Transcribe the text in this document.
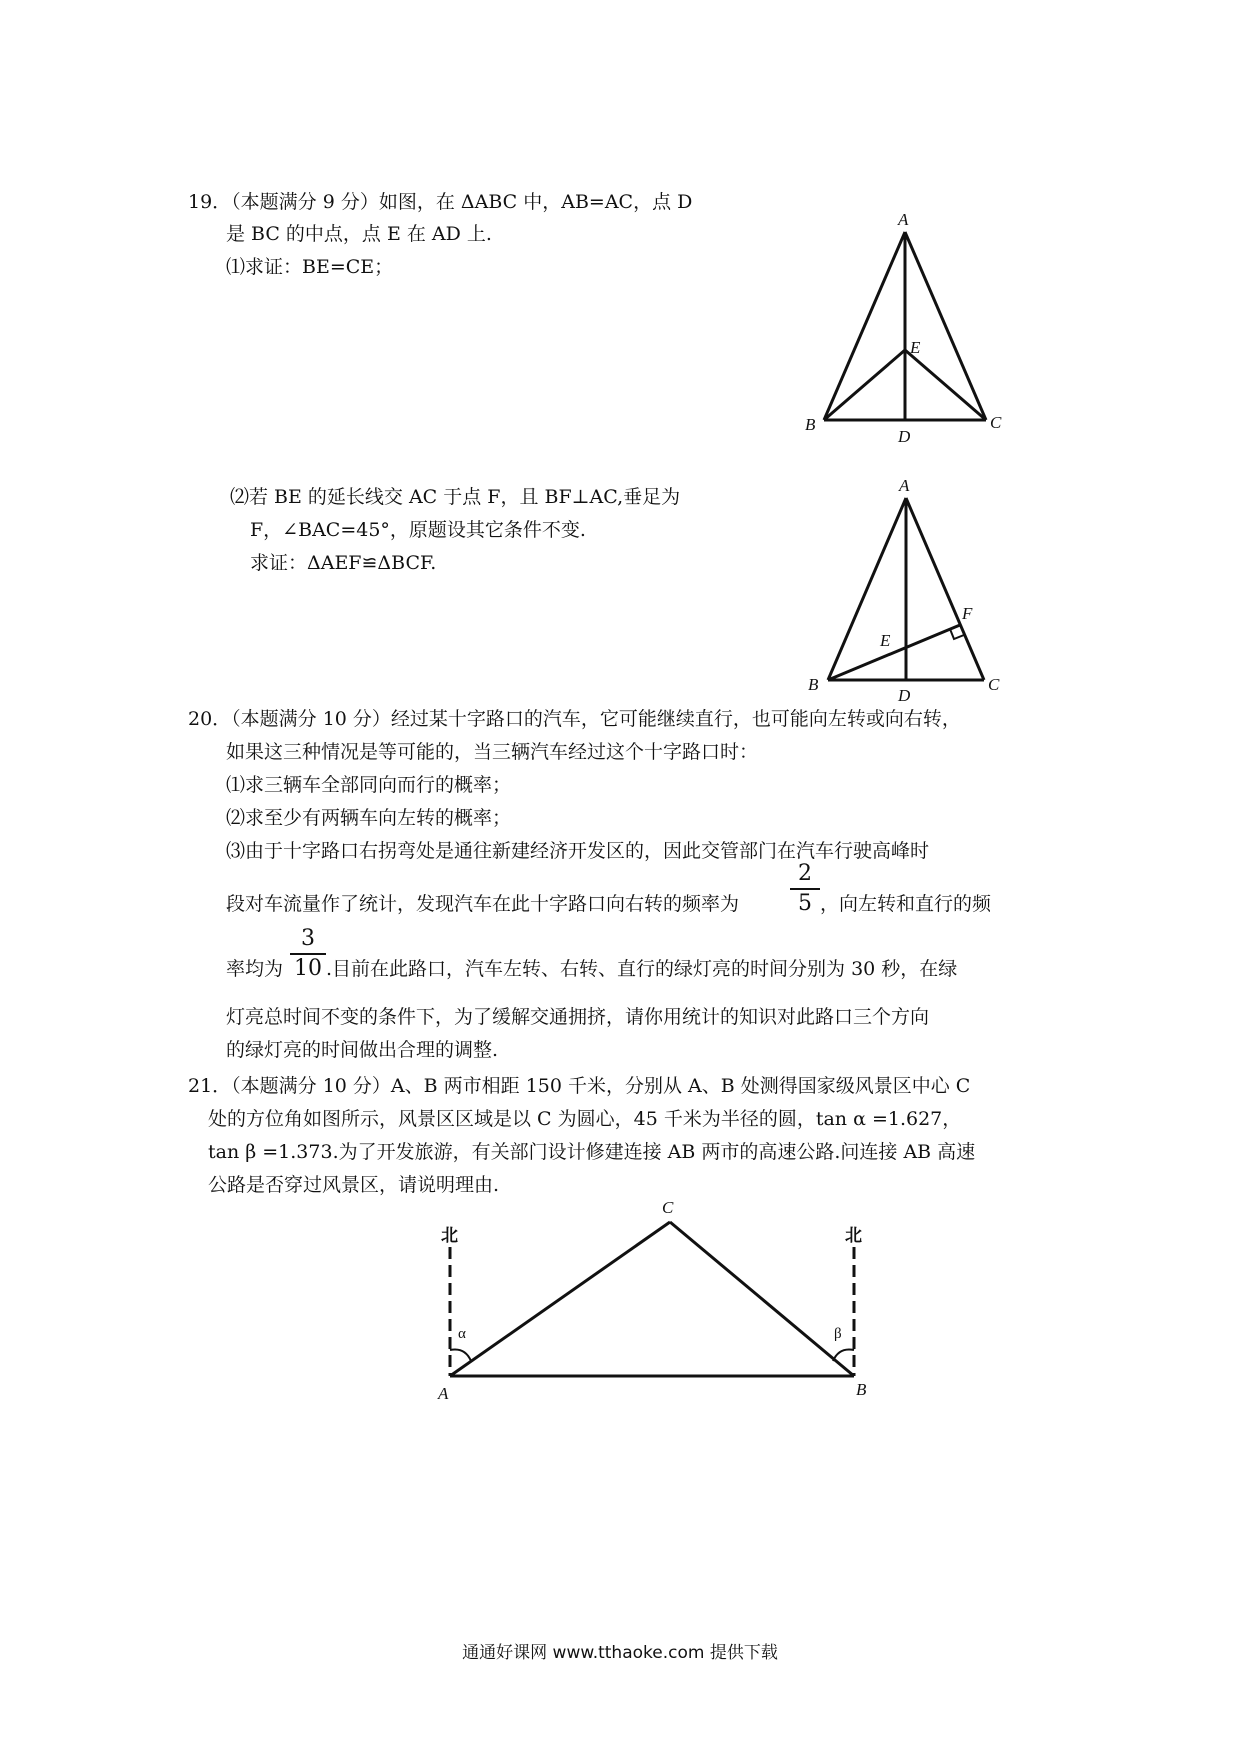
19．（本题满分 9 分）如图，在 ΔABC 中，AB=AC，点 D
是 BC 的中点，点 E 在 AD 上.
⑴求证：BE=CE；
A
B	C
D
E
⑵若 BE 的延长线交 AC 于点 F，且 BF⊥AC,垂足为
F，∠BAC=45°，原题设其它条件不变.
求证：ΔAEF≌ΔBCF.
A
B	C
D
E
F
20．（本题满分 10 分）经过某十字路口的汽车，它可能继续直行，也可能向左转或向右转，
如果这三种情况是等可能的，当三辆汽车经过这个十字路口时：
⑴求三辆车全部同向而行的概率；
⑵求至少有两辆车向左转的概率；
⑶由于十字路口右拐弯处是通往新建经济开发区的，因此交管部门在汽车行驶高峰时
段对车流量作了统计，发现汽车在此十字路口向右转的频率为
2
5 ，向左转和直行的频
率均为
3
10 .目前在此路口，汽车左转、右转、直行的绿灯亮的时间分别为 30 秒，在绿
灯亮总时间不变的条件下，为了缓解交通拥挤，请你用统计的知识对此路口三个方向
的绿灯亮的时间做出合理的调整.
21．（本题满分 10 分）A、B 两市相距 150 千米，分别从 A、B 处测得国家级风景区中心 C
处的方位角如图所示，风景区区域是以 C 为圆心，45 千米为半径的圆，tan α =1.627，
tan β =1.373.为了开发旅游，有关部门设计修建连接 AB 两市的高速公路.问连接 AB 高速
公路是否穿过风景区，请说明理由.
北	北
C
A	B
α	β
通通好课网 www.tthaoke.com 提供下载
